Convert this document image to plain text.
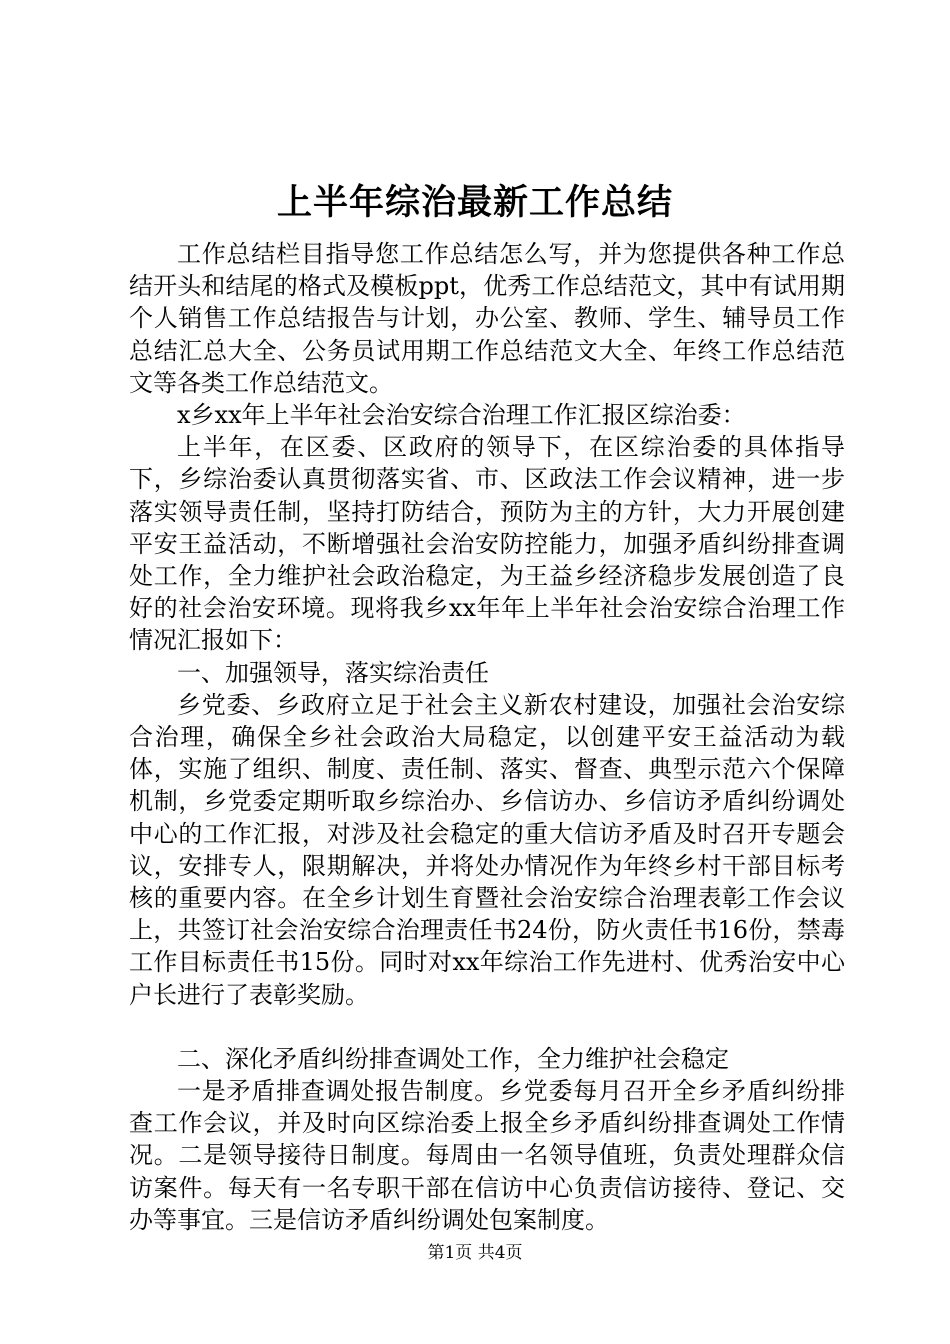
上半年综治最新工作总结

工作总结栏目指导您工作总结怎么写，并为您提供各种工作总结开头和结尾的格式及模板ppt，优秀工作总结范文，其中有试用期个人销售工作总结报告与计划，办公室、教师、学生、辅导员工作总结汇总大全、公务员试用期工作总结范文大全、年终工作总结范文等各类工作总结范文。

x乡xx年上半年社会治安综合治理工作汇报区综治委：

上半年，在区委、区政府的领导下，在区综治委的具体指导下，乡综治委认真贯彻落实省、市、区政法工作会议精神，进一步落实领导责任制，坚持打防结合，预防为主的方针，大力开展创建平安王益活动，不断增强社会治安防控能力，加强矛盾纠纷排查调处工作，全力维护社会政治稳定，为王益乡经济稳步发展创造了良好的社会治安环境。现将我乡xx年年上半年社会治安综合治理工作情况汇报如下：

一、加强领导，落实综治责任

乡党委、乡政府立足于社会主义新农村建设，加强社会治安综合治理，确保全乡社会政治大局稳定，以创建平安王益活动为载体，实施了组织、制度、责任制、落实、督查、典型示范六个保障机制，乡党委定期听取乡综治办、乡信访办、乡信访矛盾纠纷调处中心的工作汇报，对涉及社会稳定的重大信访矛盾及时召开专题会议，安排专人，限期解决，并将处办情况作为年终乡村干部目标考核的重要内容。在全乡计划生育暨社会治安综合治理表彰工作会议上，共签订社会治安综合治理责任书24份，防火责任书16份，禁毒工作目标责任书15份。同时对xx年综治工作先进村、优秀治安中心户长进行了表彰奖励。

二、深化矛盾纠纷排查调处工作，全力维护社会稳定

一是矛盾排查调处报告制度。乡党委每月召开全乡矛盾纠纷排查工作会议，并及时向区综治委上报全乡矛盾纠纷排查调处工作情况。二是领导接待日制度。每周由一名领导值班，负责处理群众信访案件。每天有一名专职干部在信访中心负责信访接待、登记、交办等事宜。三是信访矛盾纠纷调处包案制度。

第1页 共4页
